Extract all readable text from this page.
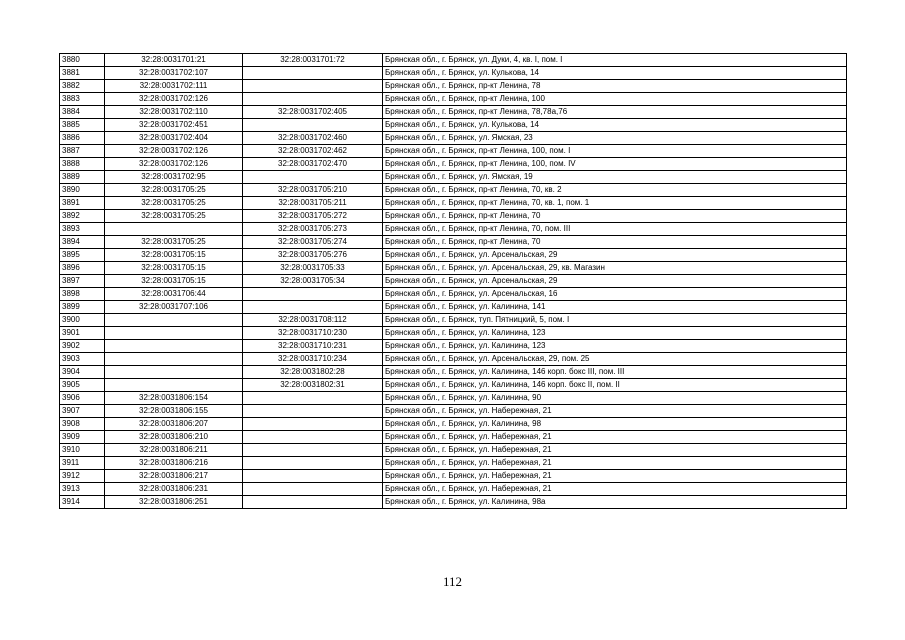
3880	32:28:0031701:21	32:28:0031701:72	Брянская обл., г. Брянск, ул. Дуки, 4, кв. I, пом. I
3881	32:28:0031702:107		Брянская обл., г. Брянск, ул. Кулькова, 14
3882	32:28:0031702:111		Брянская обл., г. Брянск, пр-кт Ленина, 78
3883	32:28:0031702:126		Брянская обл., г. Брянск, пр-кт Ленина, 100
3884	32:28:0031702:110	32:28:0031702:405	Брянская обл., г. Брянск, пр-кт Ленина, 78,78а,76
3885	32:28:0031702:451		Брянская обл., г. Брянск, ул. Кулькова, 14
3886	32:28:0031702:404	32:28:0031702:460	Брянская обл., г. Брянск, ул. Ямская, 23
3887	32:28:0031702:126	32:28:0031702:462	Брянская обл., г. Брянск, пр-кт Ленина, 100, пом. I
3888	32:28:0031702:126	32:28:0031702:470	Брянская обл., г. Брянск, пр-кт Ленина, 100, пом. IV
3889	32:28:0031702:95		Брянская обл., г. Брянск, ул. Ямская, 19
3890	32:28:0031705:25	32:28:0031705:210	Брянская обл., г. Брянск, пр-кт Ленина, 70, кв. 2
3891	32:28:0031705:25	32:28:0031705:211	Брянская обл., г. Брянск, пр-кт Ленина, 70, кв. 1, пом. 1
3892	32:28:0031705:25	32:28:0031705:272	Брянская обл., г. Брянск, пр-кт Ленина, 70
3893		32:28:0031705:273	Брянская обл., г. Брянск, пр-кт Ленина, 70, пом. III
3894	32:28:0031705:25	32:28:0031705:274	Брянская обл., г. Брянск, пр-кт Ленина, 70
3895	32:28:0031705:15	32:28:0031705:276	Брянская обл., г. Брянск, ул. Арсенальская, 29
3896	32:28:0031705:15	32:28:0031705:33	Брянская обл., г. Брянск, ул. Арсенальская, 29, кв. Магазин
3897	32:28:0031705:15	32:28:0031705:34	Брянская обл., г. Брянск, ул. Арсенальская, 29
3898	32:28:0031706:44		Брянская обл., г. Брянск, ул. Арсенальская, 16
3899	32:28:0031707:106		Брянская обл., г. Брянск, ул. Калинина, 141
3900		32:28:0031708:112	Брянская обл., г. Брянск, туп. Пятницкий, 5, пом. I
3901		32:28:0031710:230	Брянская обл., г. Брянск, ул. Калинина, 123
3902		32:28:0031710:231	Брянская обл., г. Брянск, ул. Калинина, 123
3903		32:28:0031710:234	Брянская обл., г. Брянск, ул. Арсенальская, 29, пом. 25
3904		32:28:0031802:28	Брянская обл., г. Брянск, ул. Калинина, 146 корп. бокс III, пом. III
3905		32:28:0031802:31	Брянская обл., г. Брянск, ул. Калинина, 146 корп. бокс II, пом. II
3906	32:28:0031806:154		Брянская обл., г. Брянск, ул. Калинина, 90
3907	32:28:0031806:155		Брянская обл., г. Брянск, ул. Набережная, 21
3908	32:28:0031806:207		Брянская обл., г. Брянск, ул. Калинина, 98
3909	32:28:0031806:210		Брянская обл., г. Брянск, ул. Набережная, 21
3910	32:28:0031806:211		Брянская обл., г. Брянск, ул. Набережная, 21
3911	32:28:0031806:216		Брянская обл., г. Брянск, ул. Набережная, 21
3912	32:28:0031806:217		Брянская обл., г. Брянск, ул. Набережная, 21
3913	32:28:0031806:231		Брянская обл., г. Брянск, ул. Набережная, 21
3914	32:28:0031806:251		Брянская обл., г. Брянск, ул. Калинина, 98а
112
